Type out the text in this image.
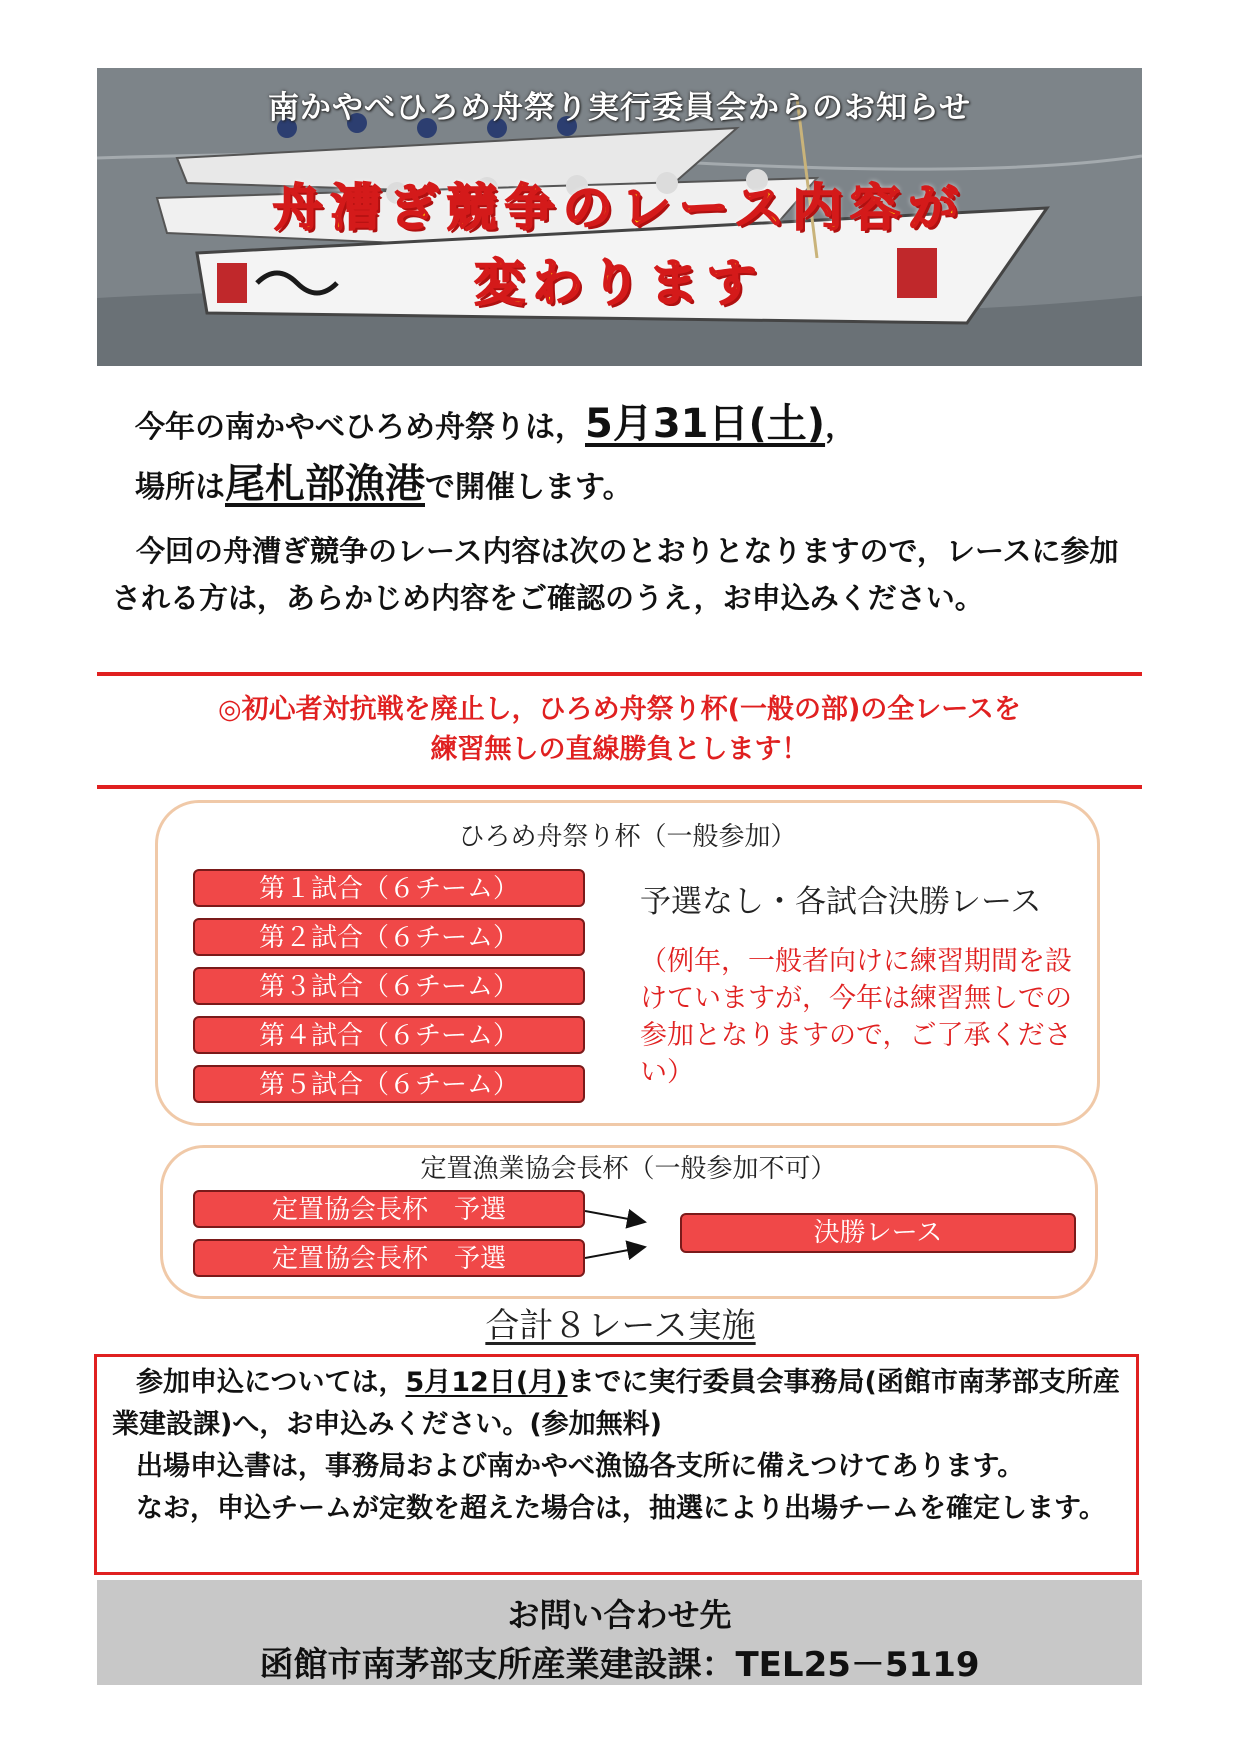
南かやべひろめ舟祭り実行委員会からのお知らせ
舟漕ぎ競争のレース内容が
変わります
今年の南かやべひろめ舟祭りは，5月31日(土)，
場所は尾札部漁港で開催します。
今回の舟漕ぎ競争のレース内容は次のとおりとなりますので，レースに参加される方は，あらかじめ内容をご確認のうえ，お申込みください。
◎初心者対抗戦を廃止し，ひろめ舟祭り杯(一般の部)の全レースを
練習無しの直線勝負とします！
ひろめ舟祭り杯（一般参加）
第１試合（６チーム）
第２試合（６チーム）
第３試合（６チーム）
第４試合（６チーム）
第５試合（６チーム）
予選なし・各試合決勝レース
（例年，一般者向けに練習期間を設けていますが，今年は練習無しでの参加となりますので，ご了承ください）
定置漁業協会長杯（一般参加不可）
定置協会長杯　予選
定置協会長杯　予選
決勝レース
合計８レース実施
参加申込については，5月12日(月)までに実行委員会事務局(函館市南茅部支所産業建設課)へ，お申込みください。(参加無料)
出場申込書は，事務局および南かやべ漁協各支所に備えつけてあります。
なお，申込チームが定数を超えた場合は，抽選により出場チームを確定します。
お問い合わせ先
函館市南茅部支所産業建設課：TEL25－5119
